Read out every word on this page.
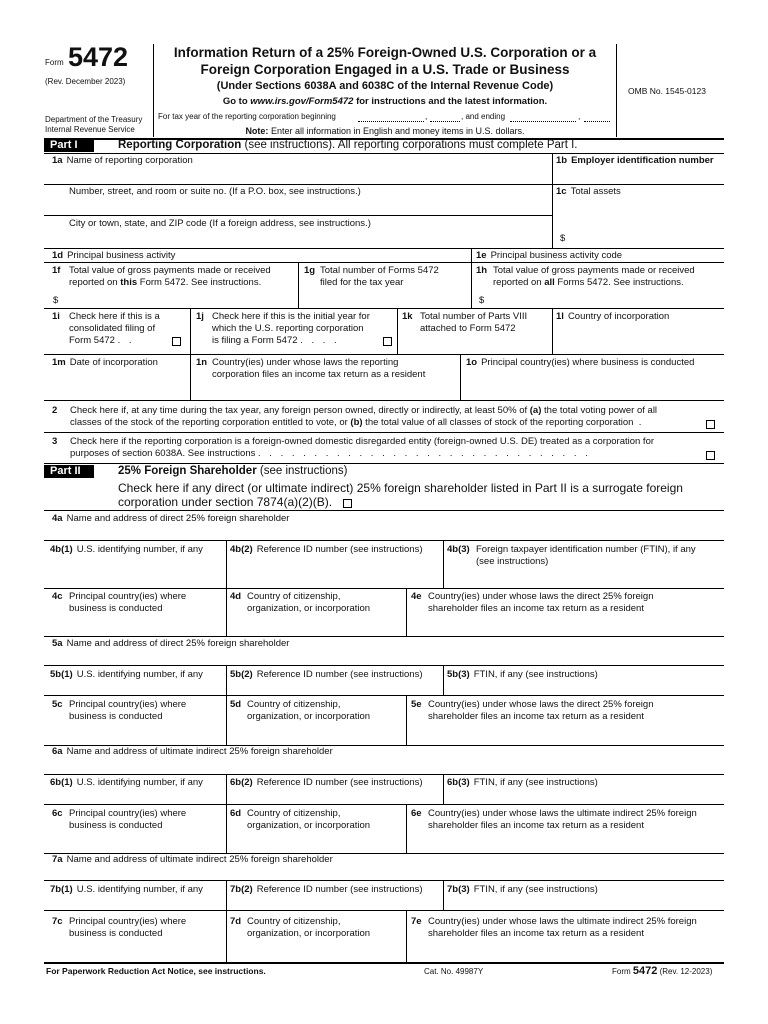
Form 5472
(Rev. December 2023)
Department of the Treasury
Internal Revenue Service
Information Return of a 25% Foreign-Owned U.S. Corporation or a
Foreign Corporation Engaged in a U.S. Trade or Business
(Under Sections 6038A and 6038C of the Internal Revenue Code)
Go to www.irs.gov/Form5472 for instructions and the latest information.
For tax year of the reporting corporation beginning	,	, and ending	,
Note: Enter all information in English and money items in U.S. dollars.
OMB No. 1545-0123
Part I	Reporting Corporation (see instructions). All reporting corporations must complete Part I.
1a Name of reporting corporation	1b Employer identification number
Number, street, and room or suite no. (If a P.O. box, see instructions.)	1c Total assets
City or town, state, and ZIP code (If a foreign address, see instructions.)
$
1d Principal business activity	1e Principal business activity code
1f Total value of gross payments made or received
reported on this Form 5472. See instructions.
$
1g Total number of Forms 5472
filed for the tax year
1h Total value of gross payments made or received
reported on all Forms 5472. See instructions.
$
1i Check here if this is a
consolidated filing of
Form 5472 . .
1j Check here if this is the initial year for
which the U.S. reporting corporation
is filing a Form 5472 . . . .
1k Total number of Parts VIII
attached to Form 5472
1l Country of incorporation
1m Date of incorporation	1n Country(ies) under whose laws the reporting
corporation files an income tax return as a resident
1o Principal country(ies) where business is conducted
2	Check here if, at any time during the tax year, any foreign person owned, directly or indirectly, at least 50% of (a) the total voting power of all
classes of the stock of the reporting corporation entitled to vote, or (b) the total value of all classes of stock of the reporting corporation .
3	Check here if the reporting corporation is a foreign-owned domestic disregarded entity (foreign-owned U.S. DE) treated as a corporation for
purposes of section 6038A. See instructions . . . . . . . . . . . . . . . . . . . . . . . . . . . . . .
Part II	25% Foreign Shareholder (see instructions)
Check here if any direct (or ultimate indirect) 25% foreign shareholder listed in Part II is a surrogate foreign
corporation under section 7874(a)(2)(B).
4a Name and address of direct 25% foreign shareholder
4b(1) U.S. identifying number, if any	4b(2) Reference ID number (see instructions)	4b(3) Foreign taxpayer identification number (FTIN), if any
(see instructions)
4c Principal country(ies) where
business is conducted
4d Country of citizenship,
organization, or incorporation
4e Country(ies) under whose laws the direct 25% foreign
shareholder files an income tax return as a resident
5a Name and address of direct 25% foreign shareholder
5b(1) U.S. identifying number, if any	5b(2) Reference ID number (see instructions)	5b(3) FTIN, if any (see instructions)
5c Principal country(ies) where
business is conducted
5d Country of citizenship,
organization, or incorporation
5e Country(ies) under whose laws the direct 25% foreign
shareholder files an income tax return as a resident
6a Name and address of ultimate indirect 25% foreign shareholder
6b(1) U.S. identifying number, if any	6b(2) Reference ID number (see instructions)	6b(3) FTIN, if any (see instructions)
6c Principal country(ies) where
business is conducted
6d Country of citizenship,
organization, or incorporation
6e Country(ies) under whose laws the ultimate indirect 25% foreign
shareholder files an income tax return as a resident
7a Name and address of ultimate indirect 25% foreign shareholder
7b(1) U.S. identifying number, if any	7b(2) Reference ID number (see instructions)	7b(3) FTIN, if any (see instructions)
7c Principal country(ies) where
business is conducted
7d Country of citizenship,
organization, or incorporation
7e Country(ies) under whose laws the ultimate indirect 25% foreign
shareholder files an income tax return as a resident
For Paperwork Reduction Act Notice, see instructions.	Cat. No. 49987Y	Form 5472 (Rev. 12-2023)
